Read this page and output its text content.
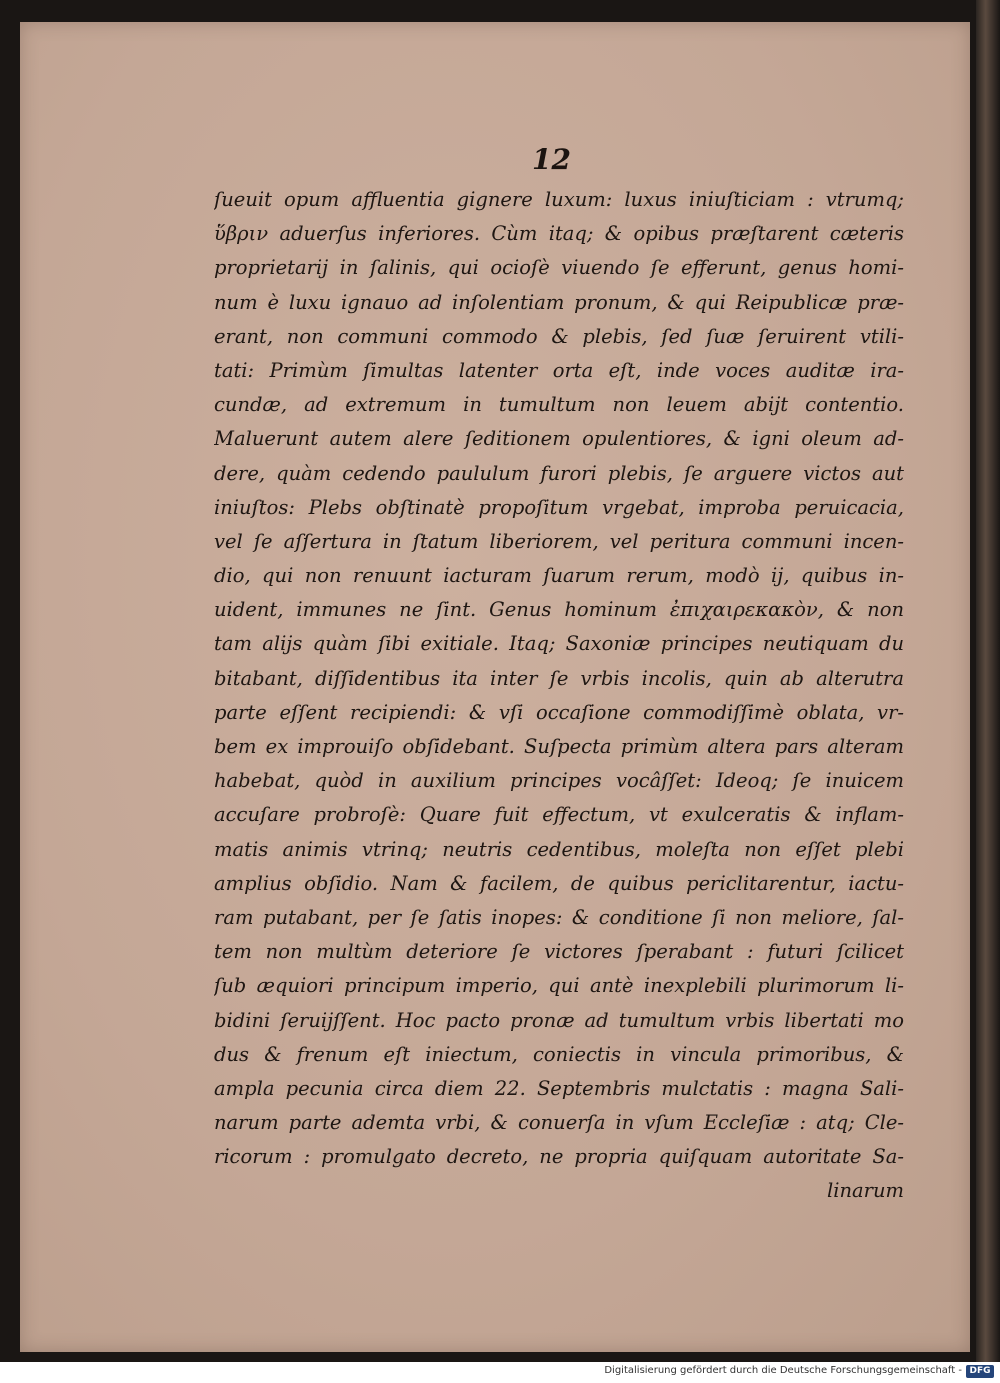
12
ſueuit opum affluentia gignere luxum: luxus iniuſticiam : vtrumq;
ὕβριν aduerſus inferiores. Cùm itaq; & opibus præſtarent cæteris
proprietarij in ſalinis, qui ocioſè viuendo ſe efferunt, genus homi-
num è luxu ignauo ad inſolentiam pronum, & qui Reipublicæ præ-
erant, non communi commodo & plebis, ſed ſuæ ſeruirent vtili-
tati: Primùm ſimultas latenter orta eſt, inde voces auditæ ira-
cundæ, ad extremum in tumultum non leuem abijt contentio.
Maluerunt autem alere ſeditionem opulentiores, & igni oleum ad-
dere, quàm cedendo paululum furori plebis, ſe arguere victos aut
iniuſtos: Plebs obſtinatè propoſitum vrgebat, improba peruicacia,
vel ſe aſſertura in ſtatum liberiorem, vel peritura communi incen-
dio, qui non renuunt iacturam ſuarum rerum, modò ij, quibus in-
uident, immunes ne ſint. Genus hominum ἐπιχαιρεκακὸν, & non
tam alijs quàm ſibi exitiale. Itaq; Saxoniæ principes neutiquam du
bitabant, diſſidentibus ita inter ſe vrbis incolis, quin ab alterutra
parte eſſent recipiendi: & vſi occaſione commodiſſimè oblata, vr-
bem ex improuiſo obſidebant. Suſpecta primùm altera pars alteram
habebat, quòd in auxilium principes vocâſſet: Ideoq; ſe inuicem
accuſare probroſè: Quare fuit effectum, vt exulceratis & inflam-
matis animis vtrinq; neutris cedentibus, moleſta non eſſet plebi
amplius obſidio. Nam & facilem, de quibus periclitarentur, iactu-
ram putabant, per ſe ſatis inopes: & conditione ſi non meliore, ſal-
tem non multùm deteriore ſe victores ſperabant : futuri ſcilicet
ſub æquiori principum imperio, qui antè inexplebili plurimorum li-
bidini ſeruijſſent. Hoc pacto pronæ ad tumultum vrbis libertati mo
dus & frenum eſt iniectum, coniectis in vincula primoribus, &
ampla pecunia circa diem 22. Septembris mulctatis : magna Sali-
narum parte ademta vrbi, & conuerſa in vſum Eccleſiæ : atq; Cle-
ricorum : promulgato decreto, ne propria quiſquam autoritate Sa-
linarum
Digitalisierung gefördert durch die Deutsche Forschungsgemeinschaft - DFG
